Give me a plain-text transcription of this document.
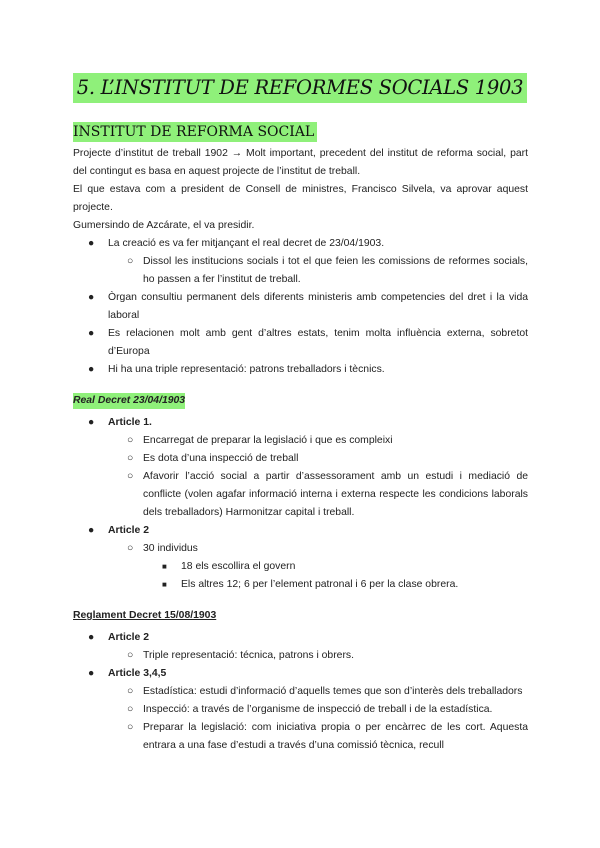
5. L’INSTITUT DE REFORMES SOCIALS 1903
INSTITUT DE REFORMA SOCIAL

Projecte d’institut de treball 1902 → Molt important, precedent del institut de reforma social, part del contingut es basa en aquest projecte de l’institut de treball.

El que estava com a president de Consell de ministres, Francisco Silvela, va aprovar aquest projecte.

Gumersindo de Azcárate, el va presidir.

● La creació es va fer mitjançant el real decret de 23/04/1903.
○ Dissol les institucions socials i tot el que feien les comissions de reformes socials, ho passen a fer l’institut de treball.
● Òrgan consultiu permanent dels diferents ministeris amb competencies del dret i la vida laboral
● Es relacionen molt amb gent d’altres estats, tenim molta influència externa, sobretot d’Europa
● Hi ha una triple representació: patrons treballadors i tècnics.
Real Decret 23/04/1903
● Article 1.
○ Encarregat de preparar la legislació i que es compleixi
○ Es dota d’una inspecció de treball
○ Afavorir l’acció social a partir d’assessorament amb un estudi i mediació de conflicte (volen agafar informació interna i externa respecte les condicions laborals dels treballadors) Harmonitzar capital i treball.
● Article 2
○ 30 individus
■ 18 els escollira el govern
■ Els altres 12; 6 per l’element patronal i 6 per la clase obrera.
Reglament Decret 15/08/1903
● Article 2
○ Triple representació: técnica, patrons i obrers.
● Article 3,4,5
○ Estadística: estudi d’informació d’aquells temes que son d’interès dels treballadors
○ Inspecció: a través de l’organisme de inspecció de treball i de la estadística.
○ Preparar la legislació: com iniciativa propia o per encàrrec de les cort. Aquesta entrara a una fase d’estudi a través d’una comissió tècnica, recull
